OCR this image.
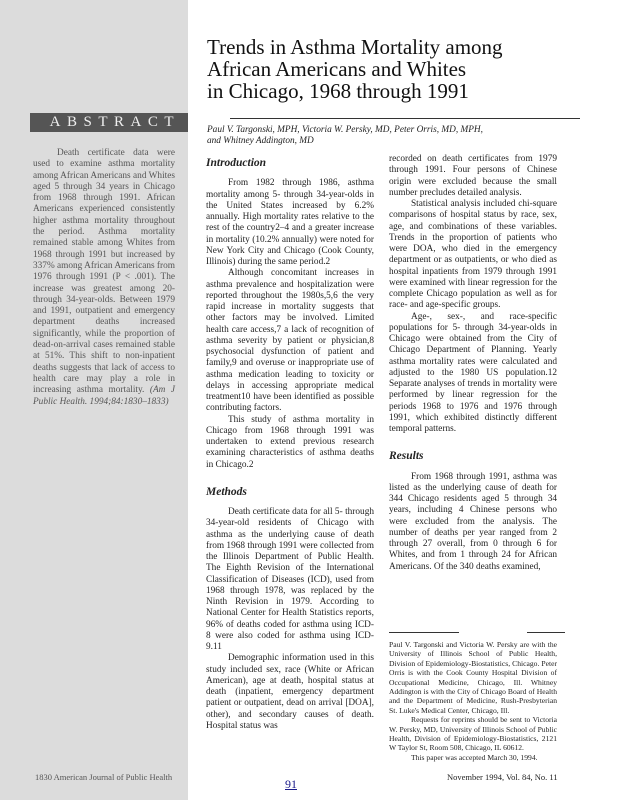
ABSTRACT

Death certificate data were used to examine asthma mortality among African Americans and Whites aged 5 through 34 years in Chicago from 1968 through 1991. African Americans experienced consistently higher asthma mortality throughout the period. Asthma mortality remained stable among Whites from 1968 through 1991 but increased by 337% among African Americans from 1976 through 1991 (P < .001). The increase was greatest among 20- through 34-year-olds. Between 1979 and 1991, outpatient and emergency department deaths increased significantly, while the proportion of dead-on-arrival cases remained stable at 51%. This shift to non-inpatient deaths suggests that lack of access to health care may play a role in increasing asthma mortality. (Am J Public Health. 1994;84:1830–1833)

Trends in Asthma Mortality among
African Americans and Whites
in Chicago, 1968 through 1991
Paul V. Targonski, MPH, Victoria W. Persky, MD, Peter Orris, MD, MPH,
and Whitney Addington, MD
Introduction

From 1982 through 1986, asthma mortality among 5- through 34-year-olds in the United States increased by 6.2% annually. High mortality rates relative to the rest of the country2–4 and a greater increase in mortality (10.2% annually) were noted for New York City and Chicago (Cook County, Illinois) during the same period.2

Although concomitant increases in asthma prevalence and hospitalization were reported throughout the 1980s,5,6 the very rapid increase in mortality suggests that other factors may be involved. Limited health care access,7 a lack of recognition of asthma severity by patient or physician,8 psychosocial dysfunction of patient and family,9 and overuse or inappropriate use of asthma medication leading to toxicity or delays in accessing appropriate medical treatment10 have been identified as possible contributing factors.

This study of asthma mortality in Chicago from 1968 through 1991 was undertaken to extend previous research examining characteristics of asthma deaths in Chicago.2

Methods

Death certificate data for all 5- through 34-year-old residents of Chicago with asthma as the underlying cause of death from 1968 through 1991 were collected from the Illinois Department of Public Health. The Eighth Revision of the International Classification of Diseases (ICD), used from 1968 through 1978, was replaced by the Ninth Revision in 1979. According to National Center for Health Statistics reports, 96% of deaths coded for asthma using ICD-8 were also coded for asthma using ICD-9.11

Demographic information used in this study included sex, race (White or African American), age at death, hospital status at death (inpatient, emergency department patient or outpatient, dead on arrival [DOA], other), and secondary causes of death. Hospital status was

recorded on death certificates from 1979 through 1991. Four persons of Chinese origin were excluded because the small number precludes detailed analysis.

Statistical analysis included chi-square comparisons of hospital status by race, sex, age, and combinations of these variables. Trends in the proportion of patients who were DOA, who died in the emergency department or as outpatients, or who died as hospital inpatients from 1979 through 1991 were examined with linear regression for the complete Chicago population as well as for race- and age-specific groups.

Age-, sex-, and race-specific populations for 5- through 34-year-olds in Chicago were obtained from the City of Chicago Department of Planning. Yearly asthma mortality rates were calculated and adjusted to the 1980 US population.12 Separate analyses of trends in mortality were performed by linear regression for the periods 1968 to 1976 and 1976 through 1991, which exhibited distinctly different temporal patterns.

Results

From 1968 through 1991, asthma was listed as the underlying cause of death for 344 Chicago residents aged 5 through 34 years, including 4 Chinese persons who were excluded from the analysis. The number of deaths per year ranged from 2 through 27 overall, from 0 through 6 for Whites, and from 1 through 24 for African Americans. Of the 340 deaths examined,

Paul V. Targonski and Victoria W. Persky are with the University of Illinois School of Public Health, Division of Epidemiology-Biostatistics, Chicago. Peter Orris is with the Cook County Hospital Division of Occupational Medicine, Chicago, Ill. Whitney Addington is with the City of Chicago Board of Health and the Department of Medicine, Rush-Presbyterian St. Luke's Medical Center, Chicago, Ill.

Requests for reprints should be sent to Victoria W. Persky, MD, University of Illinois School of Public Health, Division of Epidemiology-Biostatistics, 2121 W Taylor St, Room 508, Chicago, IL 60612.

This paper was accepted March 30, 1994.

1830 American Journal of Public Health	November 1994, Vol. 84, No. 11
91
